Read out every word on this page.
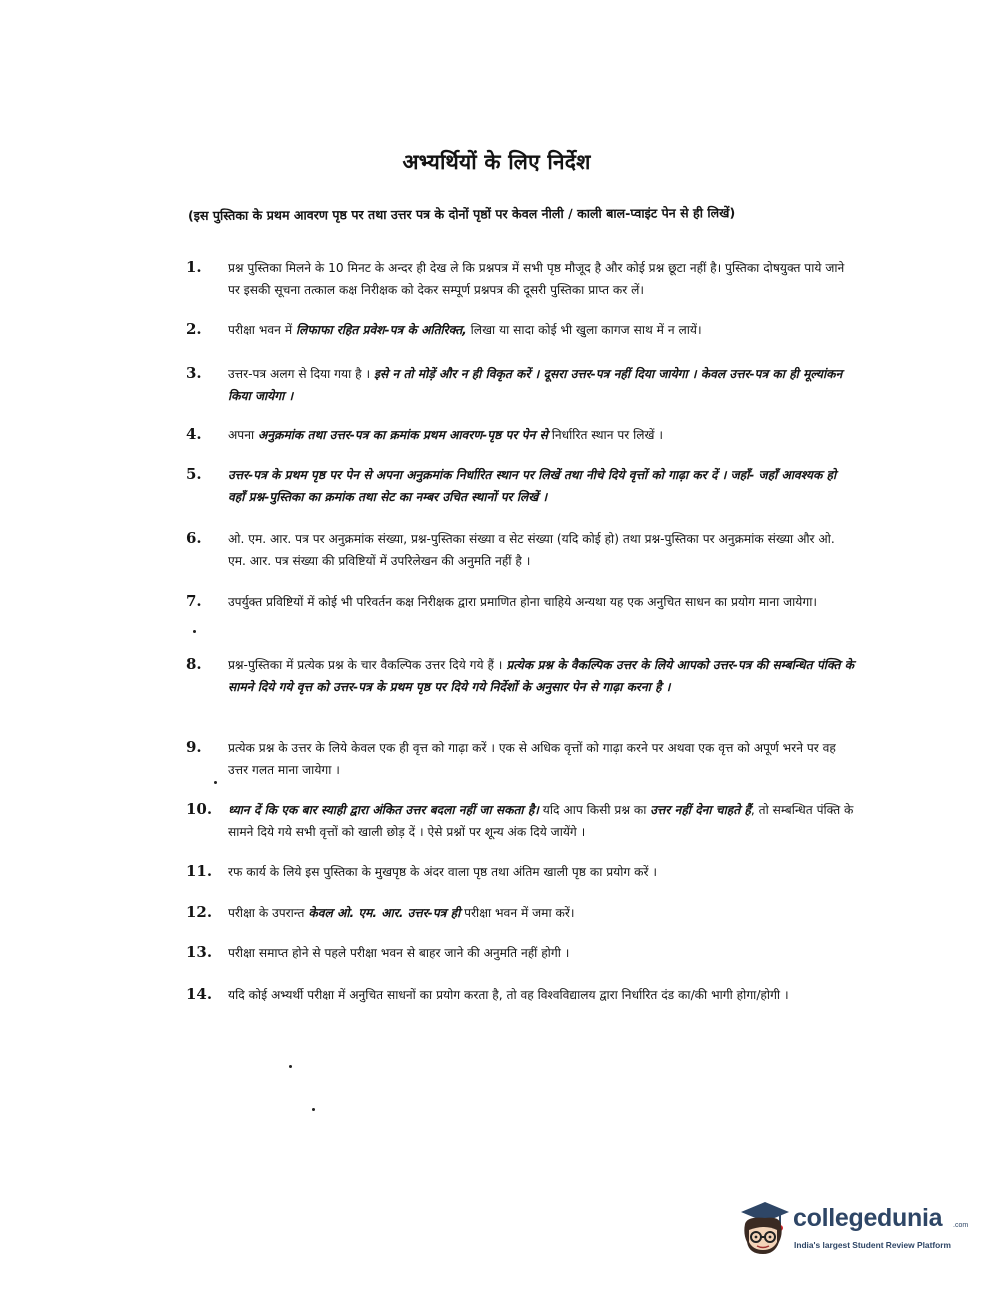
अभ्यर्थियों के लिए निर्देश
(इस पुस्तिका के प्रथम आवरण पृष्ठ पर तथा उत्तर पत्र के दोनों पृष्ठों पर केवल नीली / काली बाल-प्वाइंट पेन से ही लिखें)
1.	प्रश्न पुस्तिका मिलने के 10 मिनट के अन्दर ही देख ले कि प्रश्नपत्र में सभी पृष्ठ मौजूद है और कोई प्रश्न छूटा नहीं है। पुस्तिका दोषयुक्त पाये जाने पर इसकी सूचना तत्काल कक्ष निरीक्षक को देकर सम्पूर्ण प्रश्नपत्र की दूसरी पुस्तिका प्राप्त कर लें।
2.	परीक्षा भवन में लिफाफा रहित प्रवेश-पत्र के अतिरिक्त, लिखा या सादा कोई भी खुला कागज साथ में न लायें।
3.	उत्तर-पत्र अलग से दिया गया है । इसे न तो मोड़ें और न ही विकृत करें । दूसरा उत्तर-पत्र नहीं दिया जायेगा । केवल उत्तर-पत्र का ही मूल्यांकन किया जायेगा ।
4.	अपना अनुक्रमांक तथा उत्तर-पत्र का क्रमांक प्रथम आवरण-पृष्ठ पर पेन से निर्धारित स्थान पर लिखें ।
5.	उत्तर-पत्र के प्रथम पृष्ठ पर पेन से अपना अनुक्रमांक निर्धारित स्थान पर लिखें तथा नीचे दिये वृत्तों को गाढ़ा कर दें । जहाँ- जहाँ आवश्यक हो वहाँ प्रश्न-पुस्तिका का क्रमांक तथा सेट का नम्बर उचित स्थानों पर लिखें ।
6.	ओ. एम. आर. पत्र पर अनुक्रमांक संख्या, प्रश्न-पुस्तिका संख्या व सेट संख्या (यदि कोई हो) तथा प्रश्न-पुस्तिका पर अनुक्रमांक संख्या और ओ. एम. आर. पत्र संख्या की प्रविष्टियों में उपरिलेखन की अनुमति नहीं है ।
7.	उपर्युक्त प्रविष्टियों में कोई भी परिवर्तन कक्ष निरीक्षक द्वारा प्रमाणित होना चाहिये अन्यथा यह एक अनुचित साधन का प्रयोग माना जायेगा।
8.	प्रश्न-पुस्तिका में प्रत्येक प्रश्न के चार वैकल्पिक उत्तर दिये गये हैं । प्रत्येक प्रश्न के वैकल्पिक उत्तर के लिये आपको उत्तर-पत्र की सम्बन्धित पंक्ति के सामने दिये गये वृत्त को उत्तर-पत्र के प्रथम पृष्ठ पर दिये गये निर्देशों के अनुसार पेन से गाढ़ा करना है ।
9.	प्रत्येक प्रश्न के उत्तर के लिये केवल एक ही वृत्त को गाढ़ा करें । एक से अधिक वृत्तों को गाढ़ा करने पर अथवा एक वृत्त को अपूर्ण भरने पर वह उत्तर गलत माना जायेगा ।
10.	ध्यान दें कि एक बार स्याही द्वारा अंकित उत्तर बदला नहीं जा सकता है। यदि आप किसी प्रश्न का उत्तर नहीं देना चाहते हैं, तो सम्बन्धित पंक्ति के सामने दिये गये सभी वृत्तों को खाली छोड़ दें । ऐसे प्रश्नों पर शून्य अंक दिये जायेंगे ।
11.	रफ कार्य के लिये इस पुस्तिका के मुखपृष्ठ के अंदर वाला पृष्ठ तथा अंतिम खाली पृष्ठ का प्रयोग करें ।
12.	परीक्षा के उपरान्त केवल ओ. एम. आर. उत्तर-पत्र ही परीक्षा भवन में जमा करें।
13.	परीक्षा समाप्त होने से पहले परीक्षा भवन से बाहर जाने की अनुमति नहीं होगी ।
14.	यदि कोई अभ्यर्थी परीक्षा में अनुचित साधनों का प्रयोग करता है, तो वह विश्वविद्यालय द्वारा निर्धारित दंड का/की भागी होगा/होगी ।
collegedunia .com
India's largest Student Review Platform
